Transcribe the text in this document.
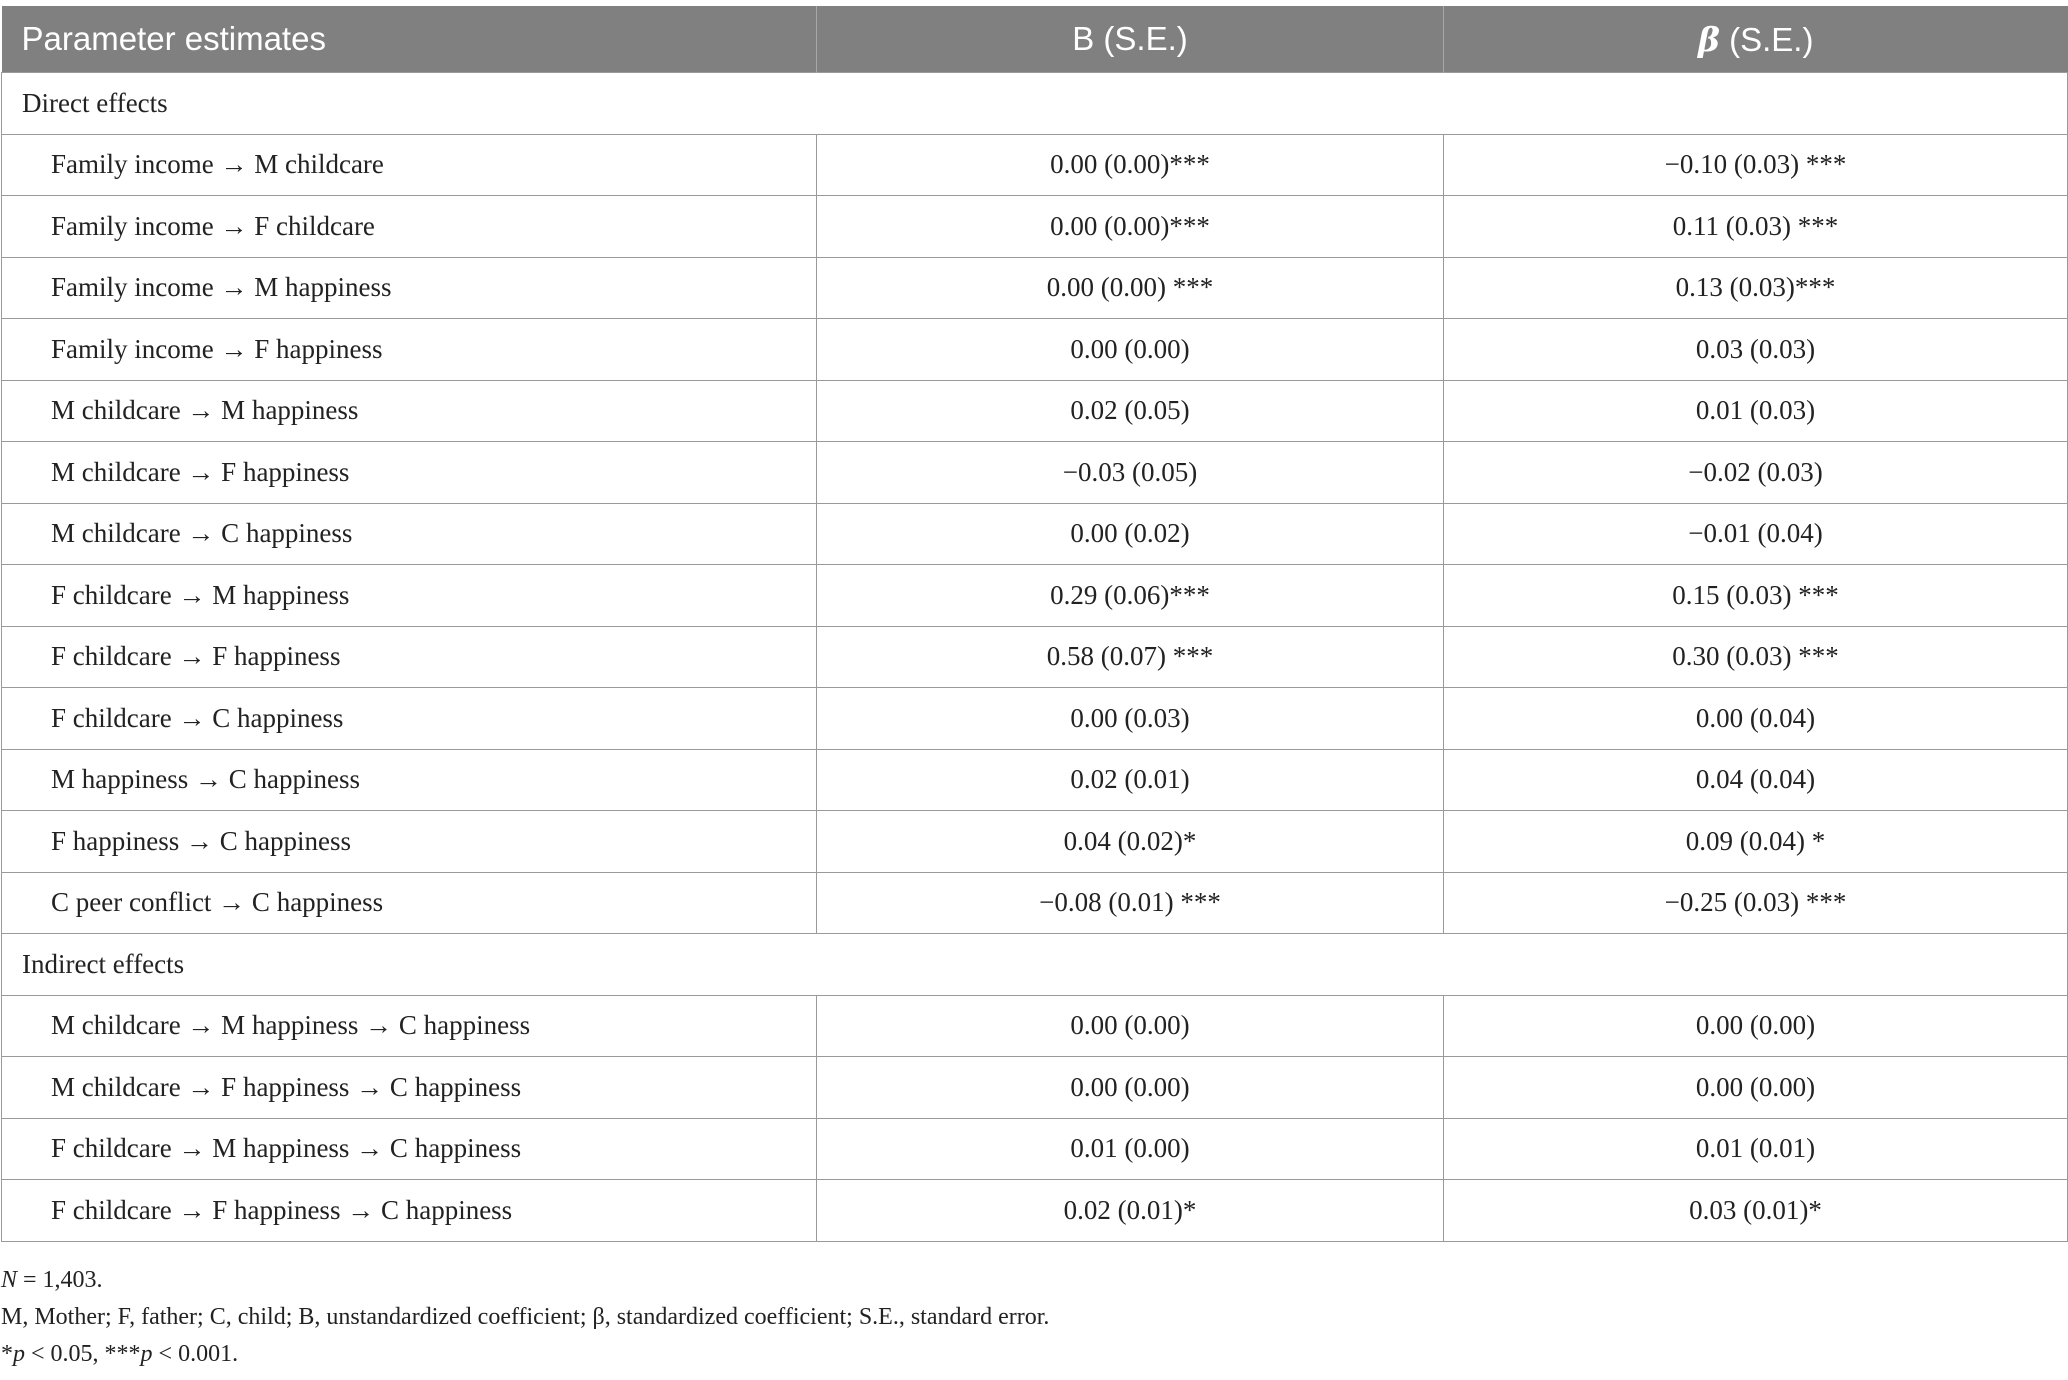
Parameter estimates	B (S.E.)	β (S.E.)
Direct effects		
Family income → M childcare	0.00 (0.00)***	−0.10 (0.03) ***
Family income → F childcare	0.00 (0.00)***	0.11 (0.03) ***
Family income → M happiness	0.00 (0.00) ***	0.13 (0.03)***
Family income → F happiness	0.00 (0.00)	0.03 (0.03)
M childcare → M happiness	0.02 (0.05)	0.01 (0.03)
M childcare → F happiness	−0.03 (0.05)	−0.02 (0.03)
M childcare → C happiness	0.00 (0.02)	−0.01 (0.04)
F childcare → M happiness	0.29 (0.06)***	0.15 (0.03) ***
F childcare → F happiness	0.58 (0.07) ***	0.30 (0.03) ***
F childcare → C happiness	0.00 (0.03)	0.00 (0.04)
M happiness → C happiness	0.02 (0.01)	0.04 (0.04)
F happiness → C happiness	0.04 (0.02)*	0.09 (0.04) *
C peer conflict → C happiness	−0.08 (0.01) ***	−0.25 (0.03) ***
Indirect effects		
M childcare → M happiness → C happiness	0.00 (0.00)	0.00 (0.00)
M childcare → F happiness → C happiness	0.00 (0.00)	0.00 (0.00)
F childcare → M happiness → C happiness	0.01 (0.00)	0.01 (0.01)
F childcare → F happiness → C happiness	0.02 (0.01)*	0.03 (0.01)*

N = 1,403.

M, Mother; F, father; C, child; B, unstandardized coefficient; β, standardized coefficient; S.E., standard error.

*p < 0.05, ***p < 0.001.
